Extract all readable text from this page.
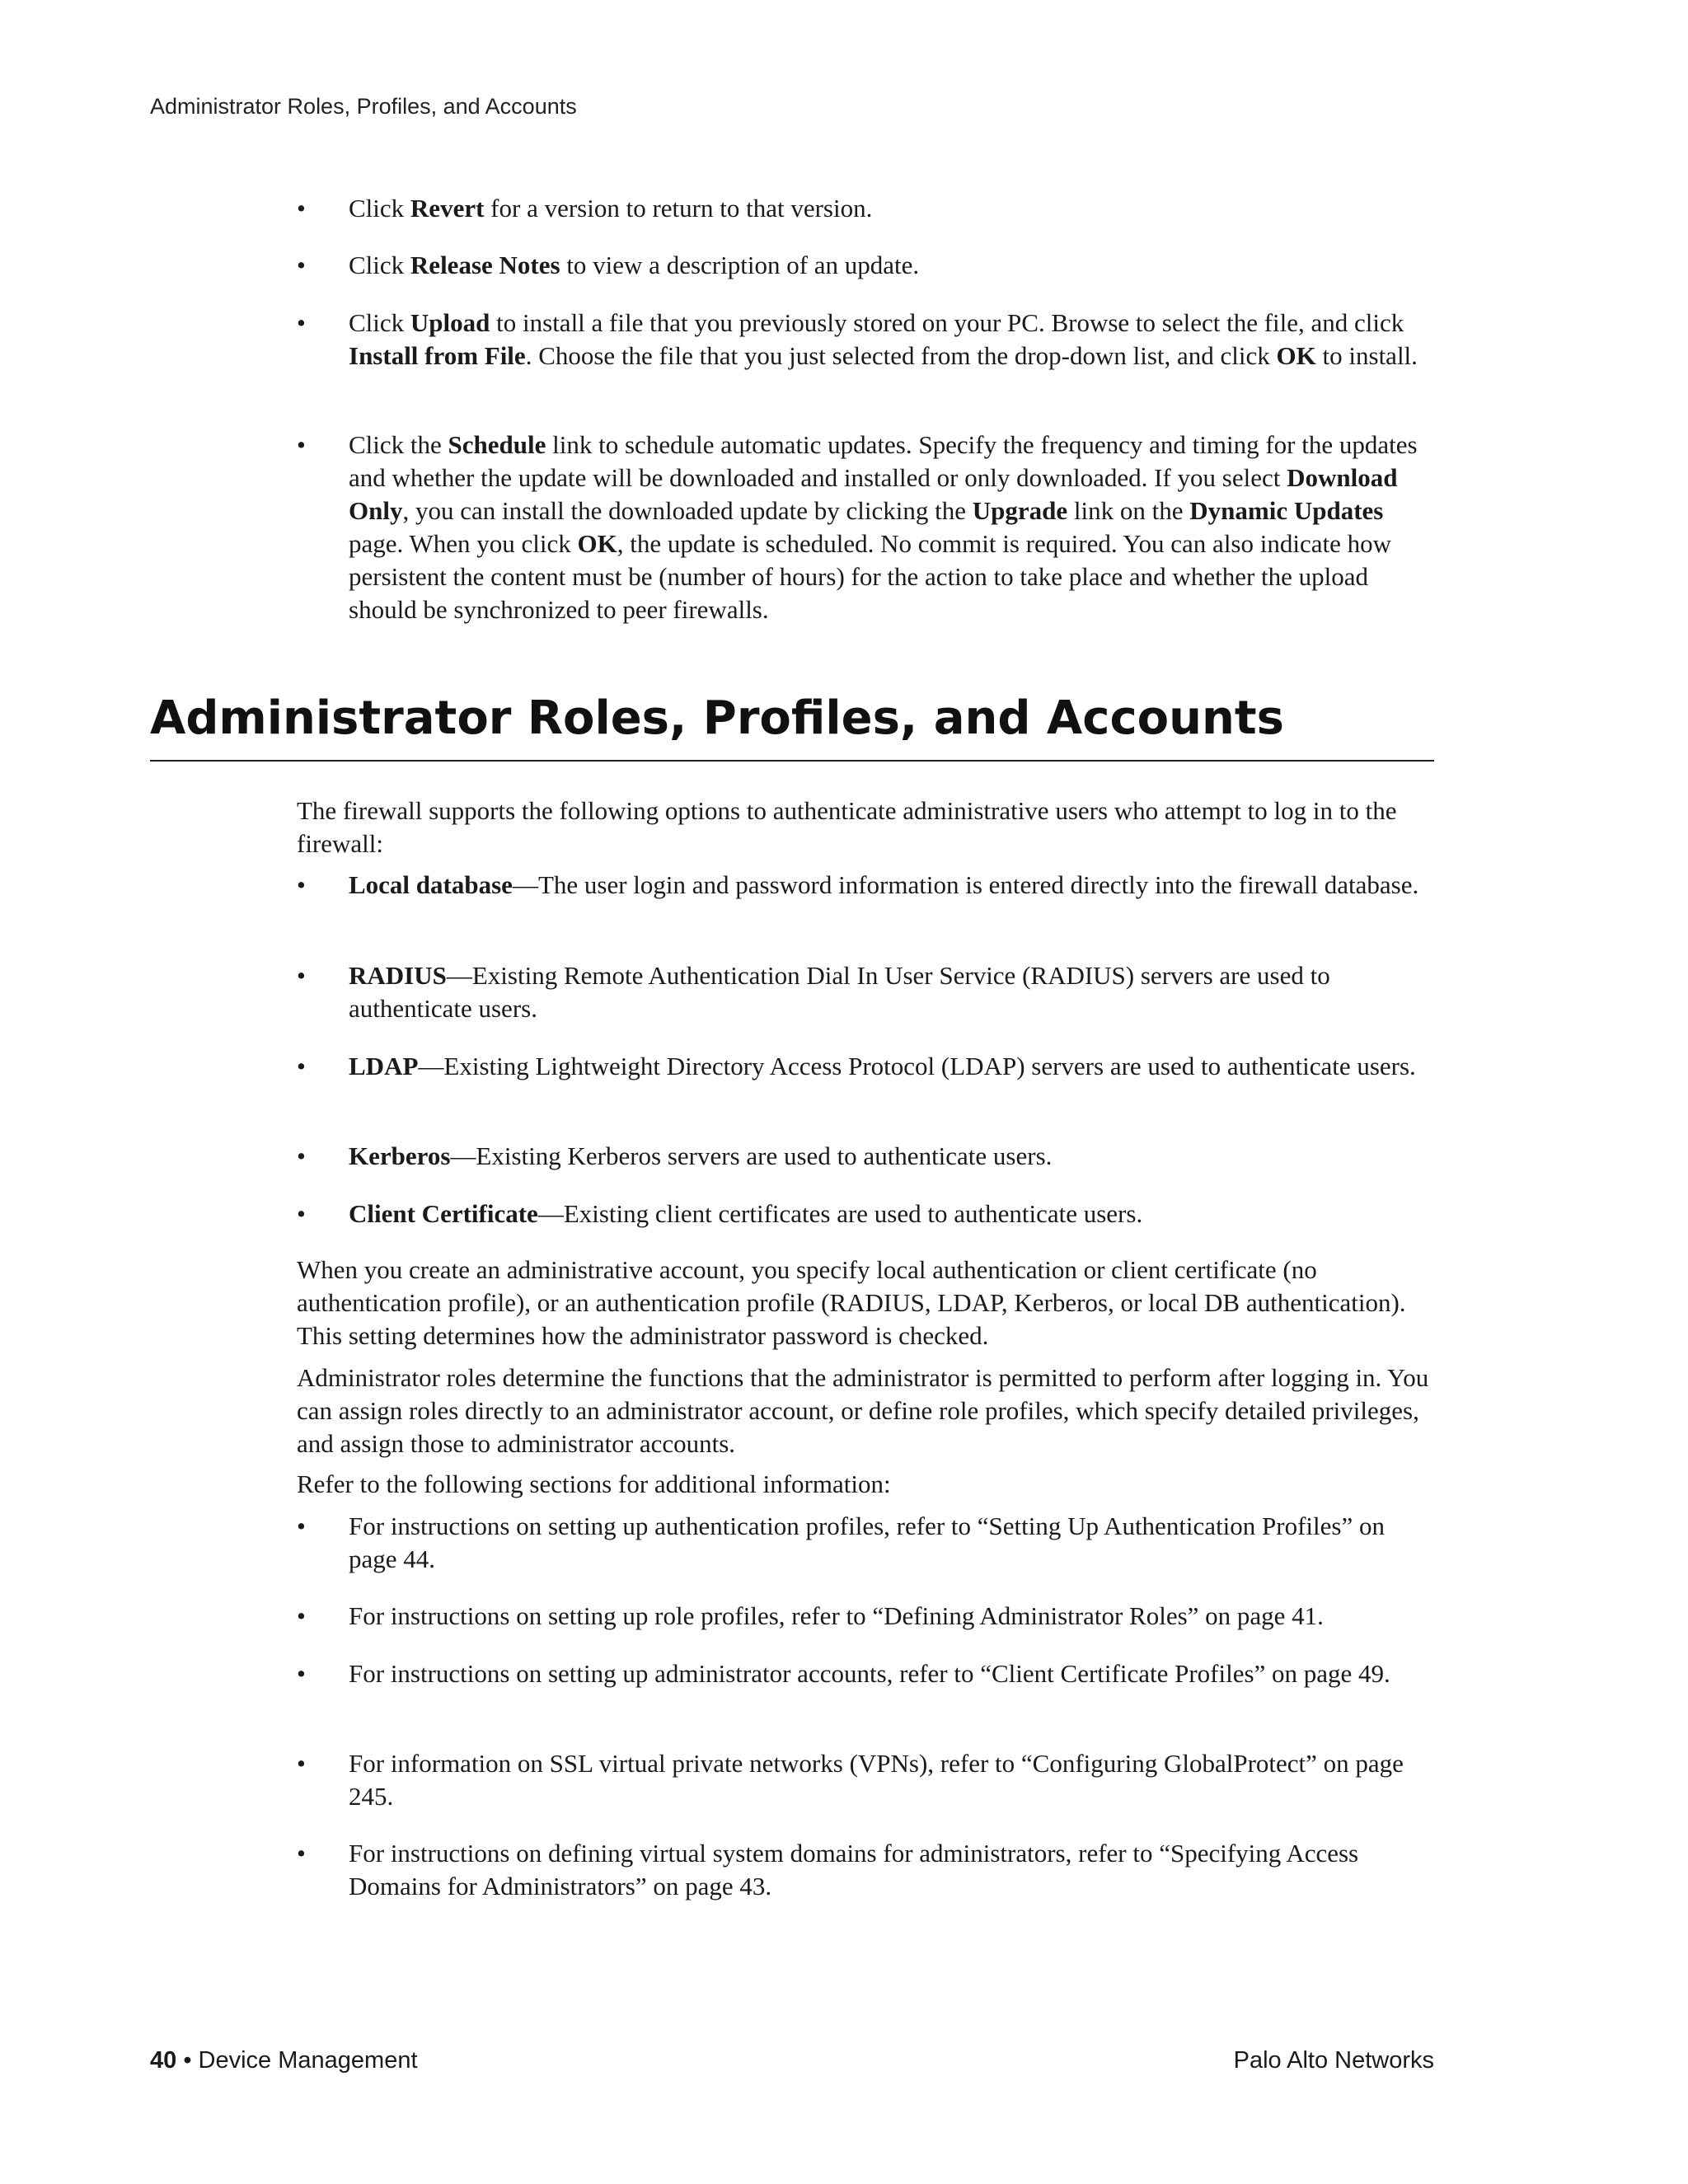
Administrator Roles, Profiles, and Accounts
• Click Revert for a version to return to that version.
• Click Release Notes to view a description of an update.
• Click Upload to install a file that you previously stored on your PC. Browse to select the file, and click Install from File. Choose the file that you just selected from the drop-down list, and click OK to install.
• Click the Schedule link to schedule automatic updates. Specify the frequency and timing for the updates and whether the update will be downloaded and installed or only downloaded. If you select Download Only, you can install the downloaded update by clicking the Upgrade link on the Dynamic Updates page. When you click OK, the update is scheduled. No commit is required. You can also indicate how persistent the content must be (number of hours) for the action to take place and whether the upload should be synchronized to peer firewalls.
Administrator Roles, Profiles, and Accounts
The firewall supports the following options to authenticate administrative users who attempt to log in to the firewall:
• Local database—The user login and password information is entered directly into the firewall database.
• RADIUS—Existing Remote Authentication Dial In User Service (RADIUS) servers are used to authenticate users.
• LDAP—Existing Lightweight Directory Access Protocol (LDAP) servers are used to authenticate users.
• Kerberos—Existing Kerberos servers are used to authenticate users.
• Client Certificate—Existing client certificates are used to authenticate users.
When you create an administrative account, you specify local authentication or client certificate (no authentication profile), or an authentication profile (RADIUS, LDAP, Kerberos, or local DB authentication). This setting determines how the administrator password is checked.
Administrator roles determine the functions that the administrator is permitted to perform after logging in. You can assign roles directly to an administrator account, or define role profiles, which specify detailed privileges, and assign those to administrator accounts.
Refer to the following sections for additional information:
• For instructions on setting up authentication profiles, refer to “Setting Up Authentication Profiles” on page 44.
• For instructions on setting up role profiles, refer to “Defining Administrator Roles” on page 41.
• For instructions on setting up administrator accounts, refer to “Client Certificate Profiles” on page 49.
• For information on SSL virtual private networks (VPNs), refer to “Configuring GlobalProtect” on page 245.
• For instructions on defining virtual system domains for administrators, refer to “Specifying Access Domains for Administrators” on page 43.
40 • Device Management	Palo Alto Networks
